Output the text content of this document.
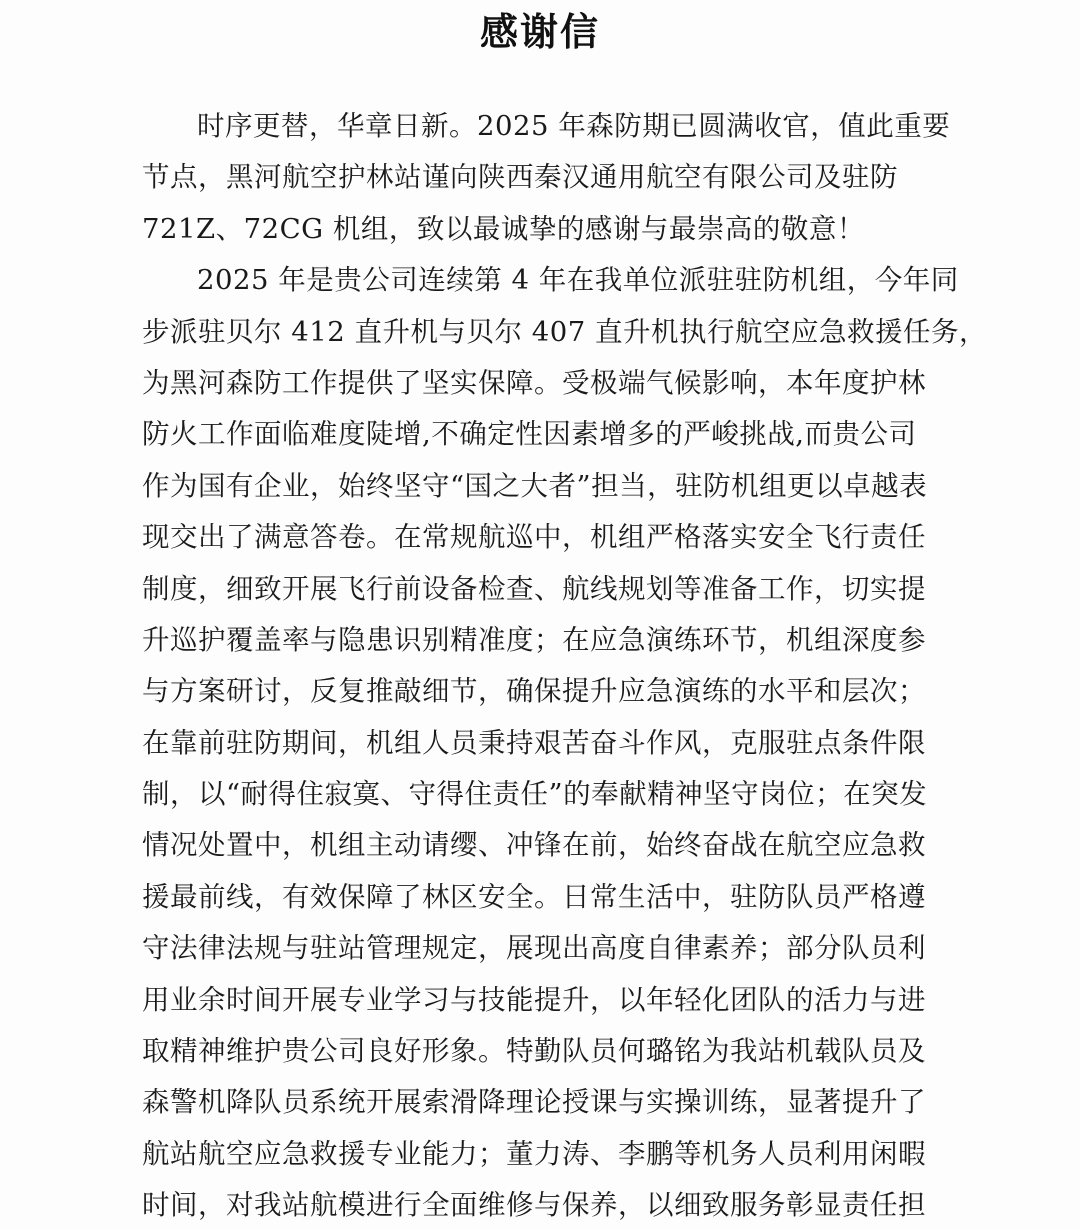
感谢信
时序更替，华章日新。2025 年森防期已圆满收官，值此重要
节点，黑河航空护林站谨向陕西秦汉通用航空有限公司及驻防
721Z、72CG 机组，致以最诚挚的感谢与最崇高的敬意！
2025 年是贵公司连续第 4 年在我单位派驻驻防机组，今年同
步派驻贝尔 412 直升机与贝尔 407 直升机执行航空应急救援任务，
为黑河森防工作提供了坚实保障。受极端气候影响，本年度护林
防火工作面临难度陡增,不确定性因素增多的严峻挑战,而贵公司
作为国有企业，始终坚守“国之大者”担当，驻防机组更以卓越表
现交出了满意答卷。在常规航巡中，机组严格落实安全飞行责任
制度，细致开展飞行前设备检查、航线规划等准备工作，切实提
升巡护覆盖率与隐患识别精准度；在应急演练环节，机组深度参
与方案研讨，反复推敲细节，确保提升应急演练的水平和层次；
在靠前驻防期间，机组人员秉持艰苦奋斗作风，克服驻点条件限
制，以“耐得住寂寞、守得住责任”的奉献精神坚守岗位；在突发
情况处置中，机组主动请缨、冲锋在前，始终奋战在航空应急救
援最前线，有效保障了林区安全。日常生活中，驻防队员严格遵
守法律法规与驻站管理规定，展现出高度自律素养；部分队员利
用业余时间开展专业学习与技能提升，以年轻化团队的活力与进
取精神维护贵公司良好形象。特勤队员何璐铭为我站机载队员及
森警机降队员系统开展索滑降理论授课与实操训练，显著提升了
航站航空应急救援专业能力；董力涛、李鹏等机务人员利用闲暇
时间，对我站航模进行全面维修与保养，以细致服务彰显责任担
